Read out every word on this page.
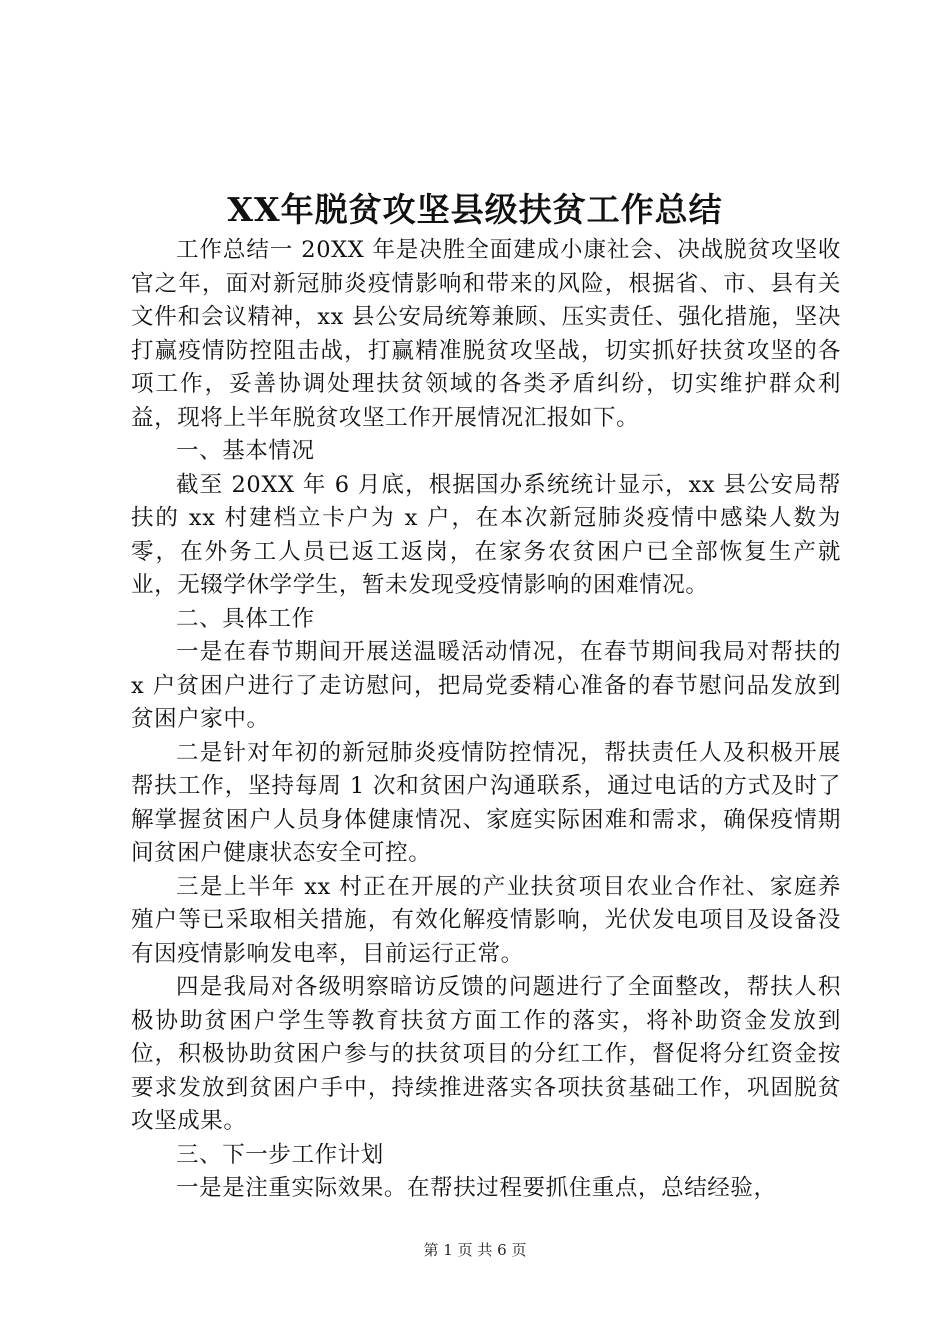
XX年脱贫攻坚县级扶贫工作总结

工作总结一 20XX 年是决胜全面建成小康社会、决战脱贫攻坚收官之年，面对新冠肺炎疫情影响和带来的风险，根据省、市、县有关文件和会议精神，xx 县公安局统筹兼顾、压实责任、强化措施，坚决打赢疫情防控阻击战，打赢精准脱贫攻坚战，切实抓好扶贫攻坚的各项工作，妥善协调处理扶贫领域的各类矛盾纠纷，切实维护群众利益，现将上半年脱贫攻坚工作开展情况汇报如下。

一、基本情况

截至 20XX 年 6 月底，根据国办系统统计显示，xx 县公安局帮扶的 xx 村建档立卡户为 x 户，在本次新冠肺炎疫情中感染人数为零，在外务工人员已返工返岗，在家务农贫困户已全部恢复生产就业，无辍学休学学生，暂未发现受疫情影响的困难情况。

二、具体工作

一是在春节期间开展送温暖活动情况，在春节期间我局对帮扶的 x 户贫困户进行了走访慰问，把局党委精心准备的春节慰问品发放到贫困户家中。

二是针对年初的新冠肺炎疫情防控情况，帮扶责任人及积极开展帮扶工作，坚持每周 1 次和贫困户沟通联系，通过电话的方式及时了解掌握贫困户人员身体健康情况、家庭实际困难和需求，确保疫情期间贫困户健康状态安全可控。

三是上半年 xx 村正在开展的产业扶贫项目农业合作社、家庭养殖户等已采取相关措施，有效化解疫情影响，光伏发电项目及设备没有因疫情影响发电率，目前运行正常。

四是我局对各级明察暗访反馈的问题进行了全面整改，帮扶人积极协助贫困户学生等教育扶贫方面工作的落实，将补助资金发放到位，积极协助贫困户参与的扶贫项目的分红工作，督促将分红资金按要求发放到贫困户手中，持续推进落实各项扶贫基础工作，巩固脱贫攻坚成果。

三、下一步工作计划

一是是注重实际效果。在帮扶过程要抓住重点，总结经验，

第 1 页 共 6 页
